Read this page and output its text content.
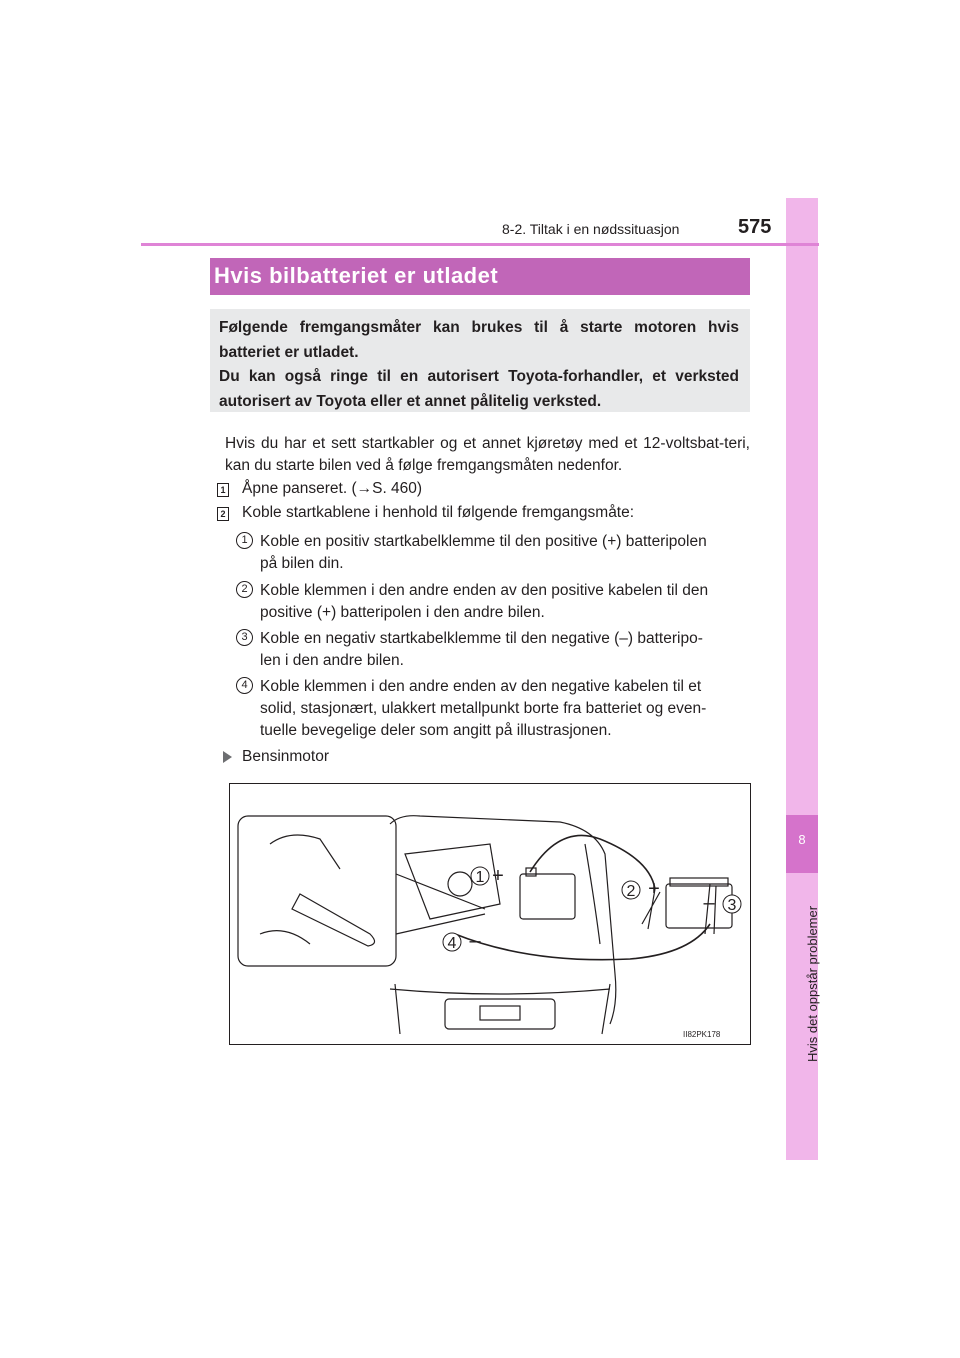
8
Hvis det oppstår problemer
8-2. Tiltak i en nødssituasjon	575
Hvis bilbatteriet er utladet

Følgende fremgangsmåter kan brukes til å starte motoren hvis batteriet er utladet.

Du kan også ringe til en autorisert Toyota-forhandler, et verksted autorisert av Toyota eller et annet pålitelig verksted.

Hvis du har et sett startkabler og et annet kjøretøy med et 12-voltsbat-teri, kan du starte bilen ved å følge fremgangsmåten nedenfor.
1 Åpne panseret. (→S. 460)
2 Koble startkablene i henhold til følgende fremgangsmåte:
1 Koble en positiv startkabelklemme til den positive (+) batteripolen
på bilen din.
2 Koble klemmen i den andre enden av den positive kabelen til den
positive (+) batteripolen i den andre bilen.
3 Koble en negativ startkabelklemme til den negative (–) batteripo-
len i den andre bilen.
4 Koble klemmen i den andre enden av den negative kabelen til et
solid, stasjonært, ulakkert metallpunkt borte fra batteriet og even-
tuelle bevegelige deler som angitt på illustrasjonen.
Bensinmotor
1
2
3
4
+
+
–
–
II82PK178
